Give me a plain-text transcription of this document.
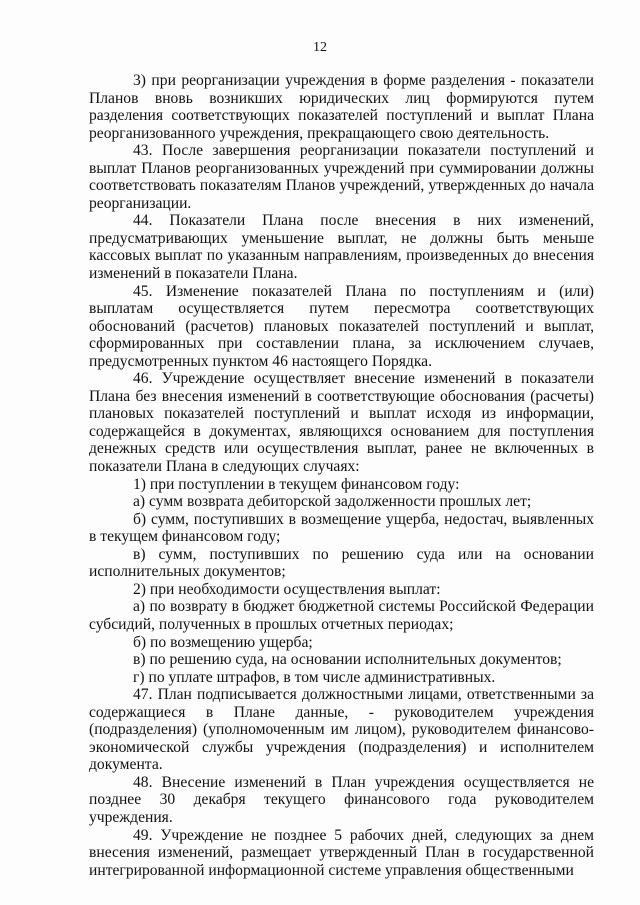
12

3) при реорганизации учреждения в форме разделения - показатели Планов вновь возникших юридических лиц формируются путем разделения соответствующих показателей поступлений и выплат Плана реорганизованного учреждения, прекращающего свою деятельность.

43. После завершения реорганизации показатели поступлений и выплат Планов реорганизованных учреждений при суммировании должны соответствовать показателям Планов учреждений, утвержденных до начала реорганизации.

44. Показатели Плана после внесения в них изменений, предусматривающих уменьшение выплат, не должны быть меньше кассовых выплат по указанным направлениям, произведенных до внесения изменений в показатели Плана.

45. Изменение показателей Плана по поступлениям и (или) выплатам осуществляется путем пересмотра соответствующих обоснований (расчетов) плановых показателей поступлений и выплат, сформированных при составлении плана, за исключением случаев, предусмотренных пунктом 46 настоящего Порядка.

46. Учреждение осуществляет внесение изменений в показатели Плана без внесения изменений в соответствующие обоснования (расчеты) плановых показателей поступлений и выплат исходя из информации, содержащейся в документах, являющихся основанием для поступления денежных средств или осуществления выплат, ранее не включенных в показатели Плана в следующих случаях:

1) при поступлении в текущем финансовом году:

а) сумм возврата дебиторской задолженности прошлых лет;

б) сумм, поступивших в возмещение ущерба, недостач, выявленных в текущем финансовом году;

в) сумм, поступивших по решению суда или на основании исполнительных документов;

2) при необходимости осуществления выплат:

а) по возврату в бюджет бюджетной системы Российской Федерации субсидий, полученных в прошлых отчетных периодах;

б) по возмещению ущерба;

в) по решению суда, на основании исполнительных документов;

г) по уплате штрафов, в том числе административных.

47. План подписывается должностными лицами, ответственными за содержащиеся в Плане данные, - руководителем учреждения (подразделения) (уполномоченным им лицом), руководителем финансово-экономической службы учреждения (подразделения) и исполнителем документа.

48. Внесение изменений в План учреждения осуществляется не позднее 30 декабря текущего финансового года руководителем учреждения.

49. Учреждение не позднее 5 рабочих дней, следующих за днем внесения изменений, размещает утвержденный План в государственной интегрированной информационной системе управления общественными
